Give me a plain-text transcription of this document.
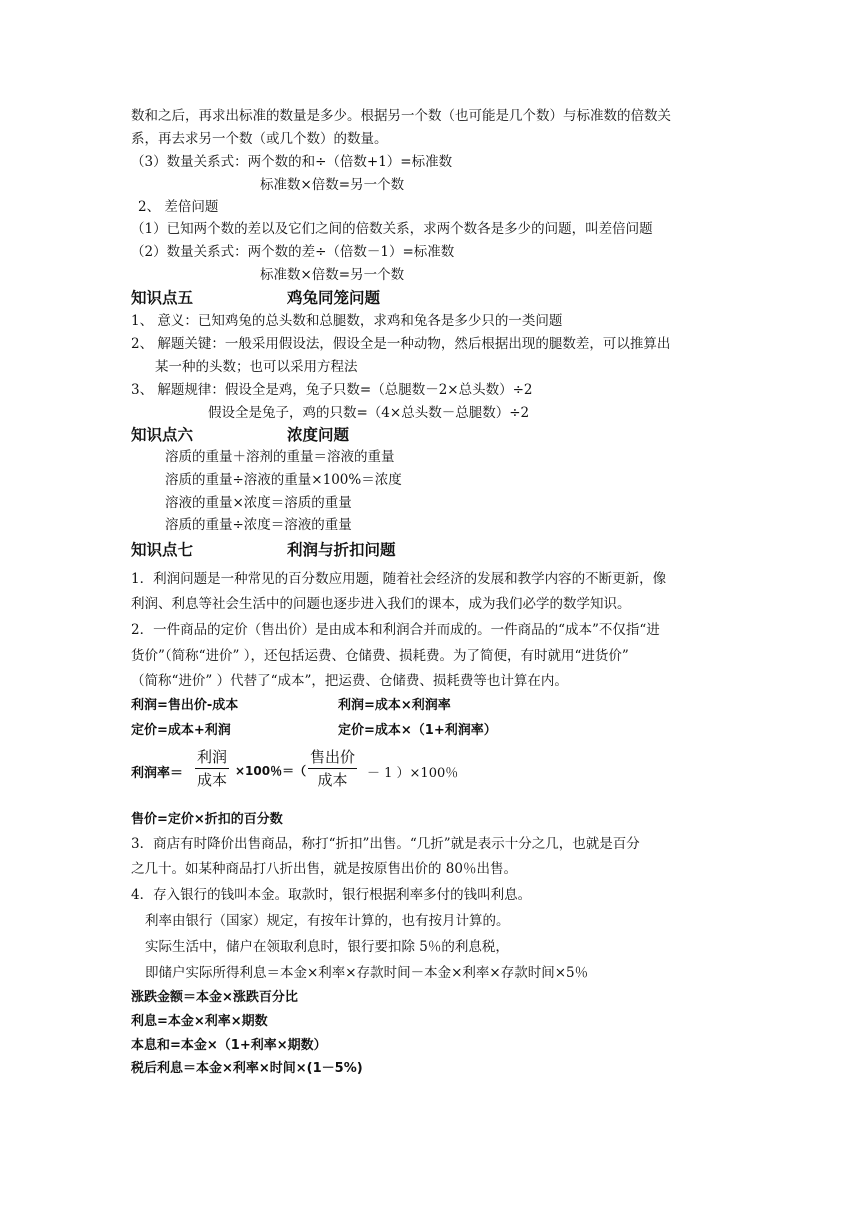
数和之后，再求出标准的数量是多少。根据另一个数（也可能是几个数）与标准数的倍数关
系，再去求另一个数（或几个数）的数量。
（3）数量关系式：两个数的和÷（倍数+1）=标准数
标准数×倍数=另一个数
2、 差倍问题
（1）已知两个数的差以及它们之间的倍数关系，求两个数各是多少的问题，叫差倍问题
（2）数量关系式：两个数的差÷（倍数－1）=标准数
标准数×倍数=另一个数
知识点五	鸡兔同笼问题
1、 意义：已知鸡兔的总头数和总腿数，求鸡和兔各是多少只的一类问题
2、 解题关键：一般采用假设法，假设全是一种动物，然后根据出现的腿数差，可以推算出
某一种的头数；也可以采用方程法
3、 解题规律：假设全是鸡，兔子只数=（总腿数－2×总头数）÷2
假设全是兔子，鸡的只数=（4×总头数－总腿数）÷2
知识点六	浓度问题
溶质的重量＋溶剂的重量＝溶液的重量
溶质的重量÷溶液的重量×100%＝浓度
溶液的重量×浓度＝溶质的重量
溶质的重量÷浓度＝溶液的重量
知识点七	利润与折扣问题
1．利润问题是一种常见的百分数应用题，随着社会经济的发展和教学内容的不断更新，像
利润、利息等社会生活中的问题也逐步进入我们的课本，成为我们必学的数学知识。
2．一件商品的定价（售出价）是由成本和利润合并而成的。一件商品的“成本”不仅指“进
货价”（简称“进价” ），还包括运费、仓储费、损耗费。为了简便，有时就用“进货价”
（简称“进价” ）代替了“成本”，把运费、仓储费、损耗费等也计算在内。
利润=售出价-成本	利润=成本×利润率
定价=成本+利润	定价=成本×（1+利润率）
利润率＝
利润
成本 ×100％＝（
售出价
成本	－ 1 ）×100％
售价=定价×折扣的百分数
3．商店有时降价出售商品，称打“折扣”出售。“几折”就是表示十分之几，也就是百分
之几十。如某种商品打八折出售，就是按原售出价的 80％出售。
4．存入银行的钱叫本金。取款时，银行根据利率多付的钱叫利息。
利率由银行（国家）规定，有按年计算的，也有按月计算的。
实际生活中，储户在领取利息时，银行要扣除 5％的利息税，
即储户实际所得利息＝本金×利率×存款时间－本金×利率×存款时间×5％
涨跌金额＝本金×涨跌百分比
利息=本金×利率×期数
本息和=本金×（1+利率×期数）
税后利息＝本金×利率×时间×(1－5%)
